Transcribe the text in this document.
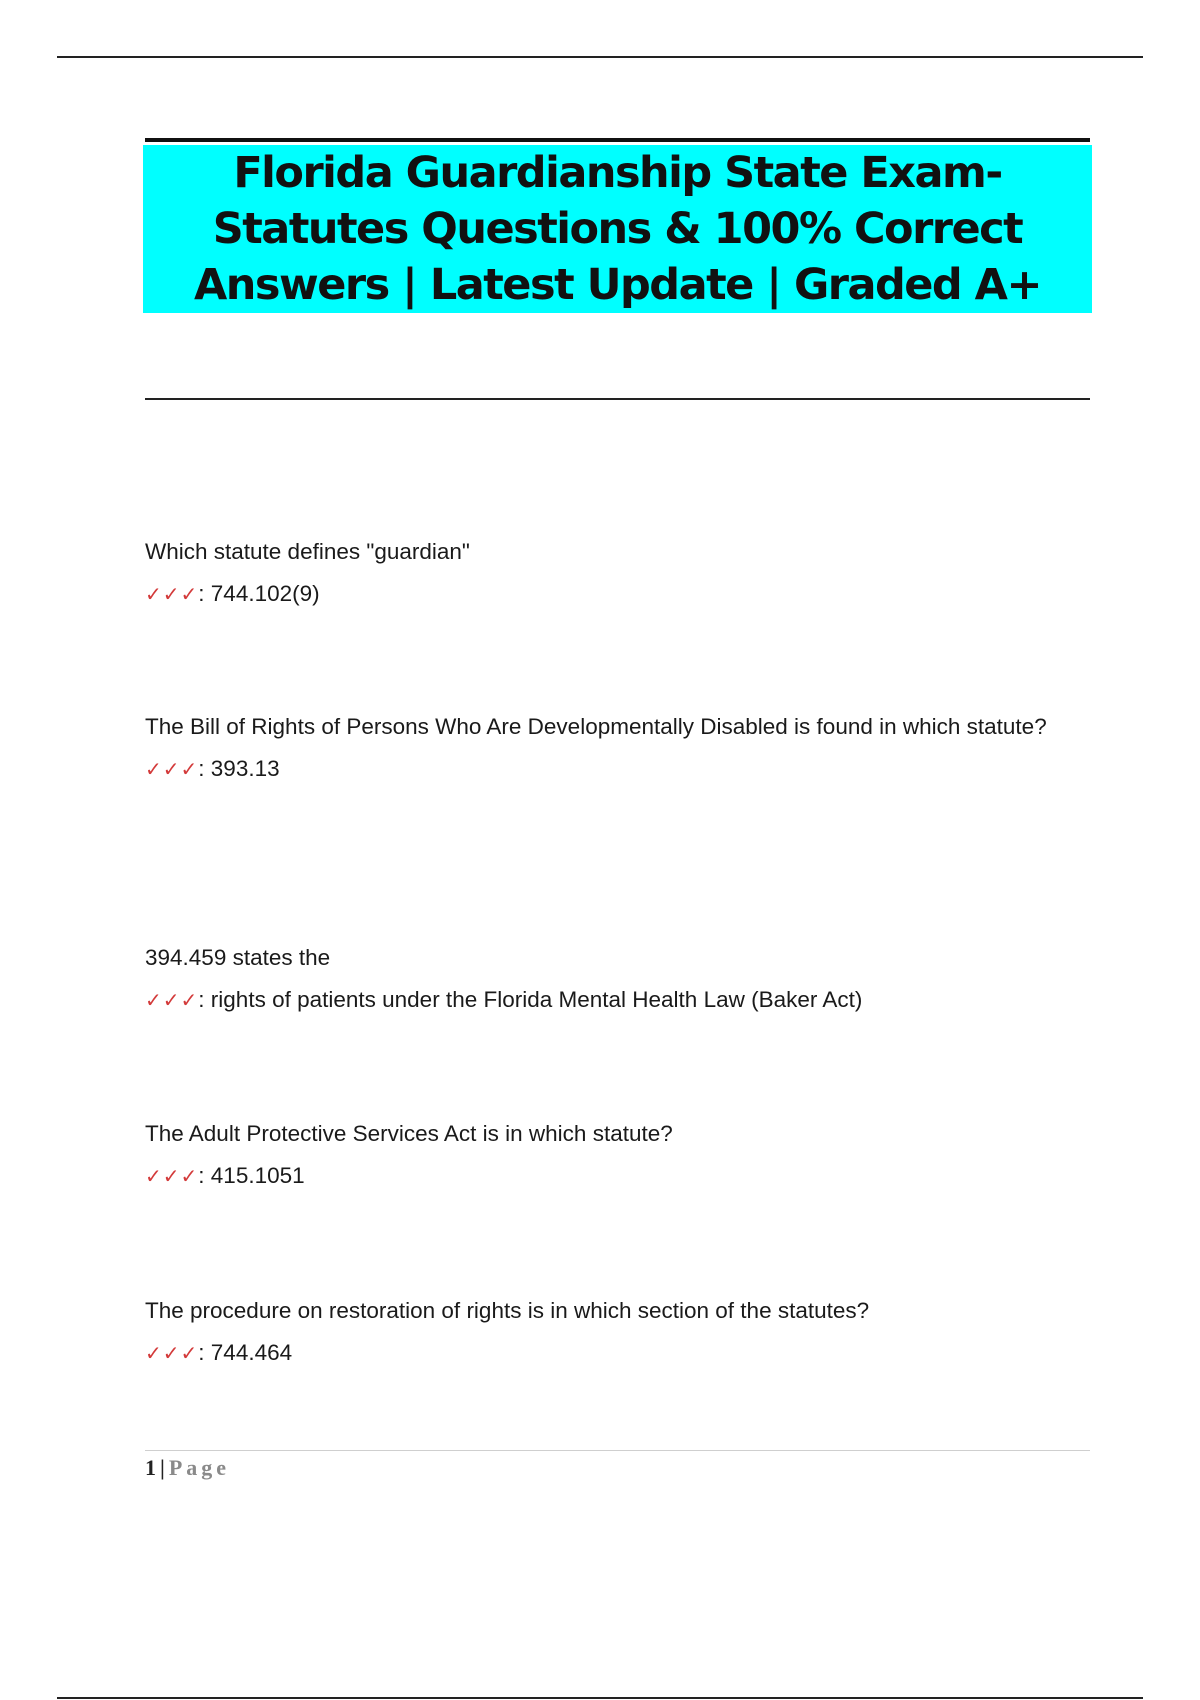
Florida Guardianship State Exam-Statutes Questions & 100% Correct Answers | Latest Update | Graded A+

Which statute defines "guardian"

✓✓✓: 744.102(9)

The Bill of Rights of Persons Who Are Developmentally Disabled is found in which statute?

✓✓✓: 393.13

394.459 states the

✓✓✓: rights of patients under the Florida Mental Health Law (Baker Act)

The Adult Protective Services Act is in which statute?

✓✓✓: 415.1051

The procedure on restoration of rights is in which section of the statutes?

✓✓✓: 744.464

1 | Page
